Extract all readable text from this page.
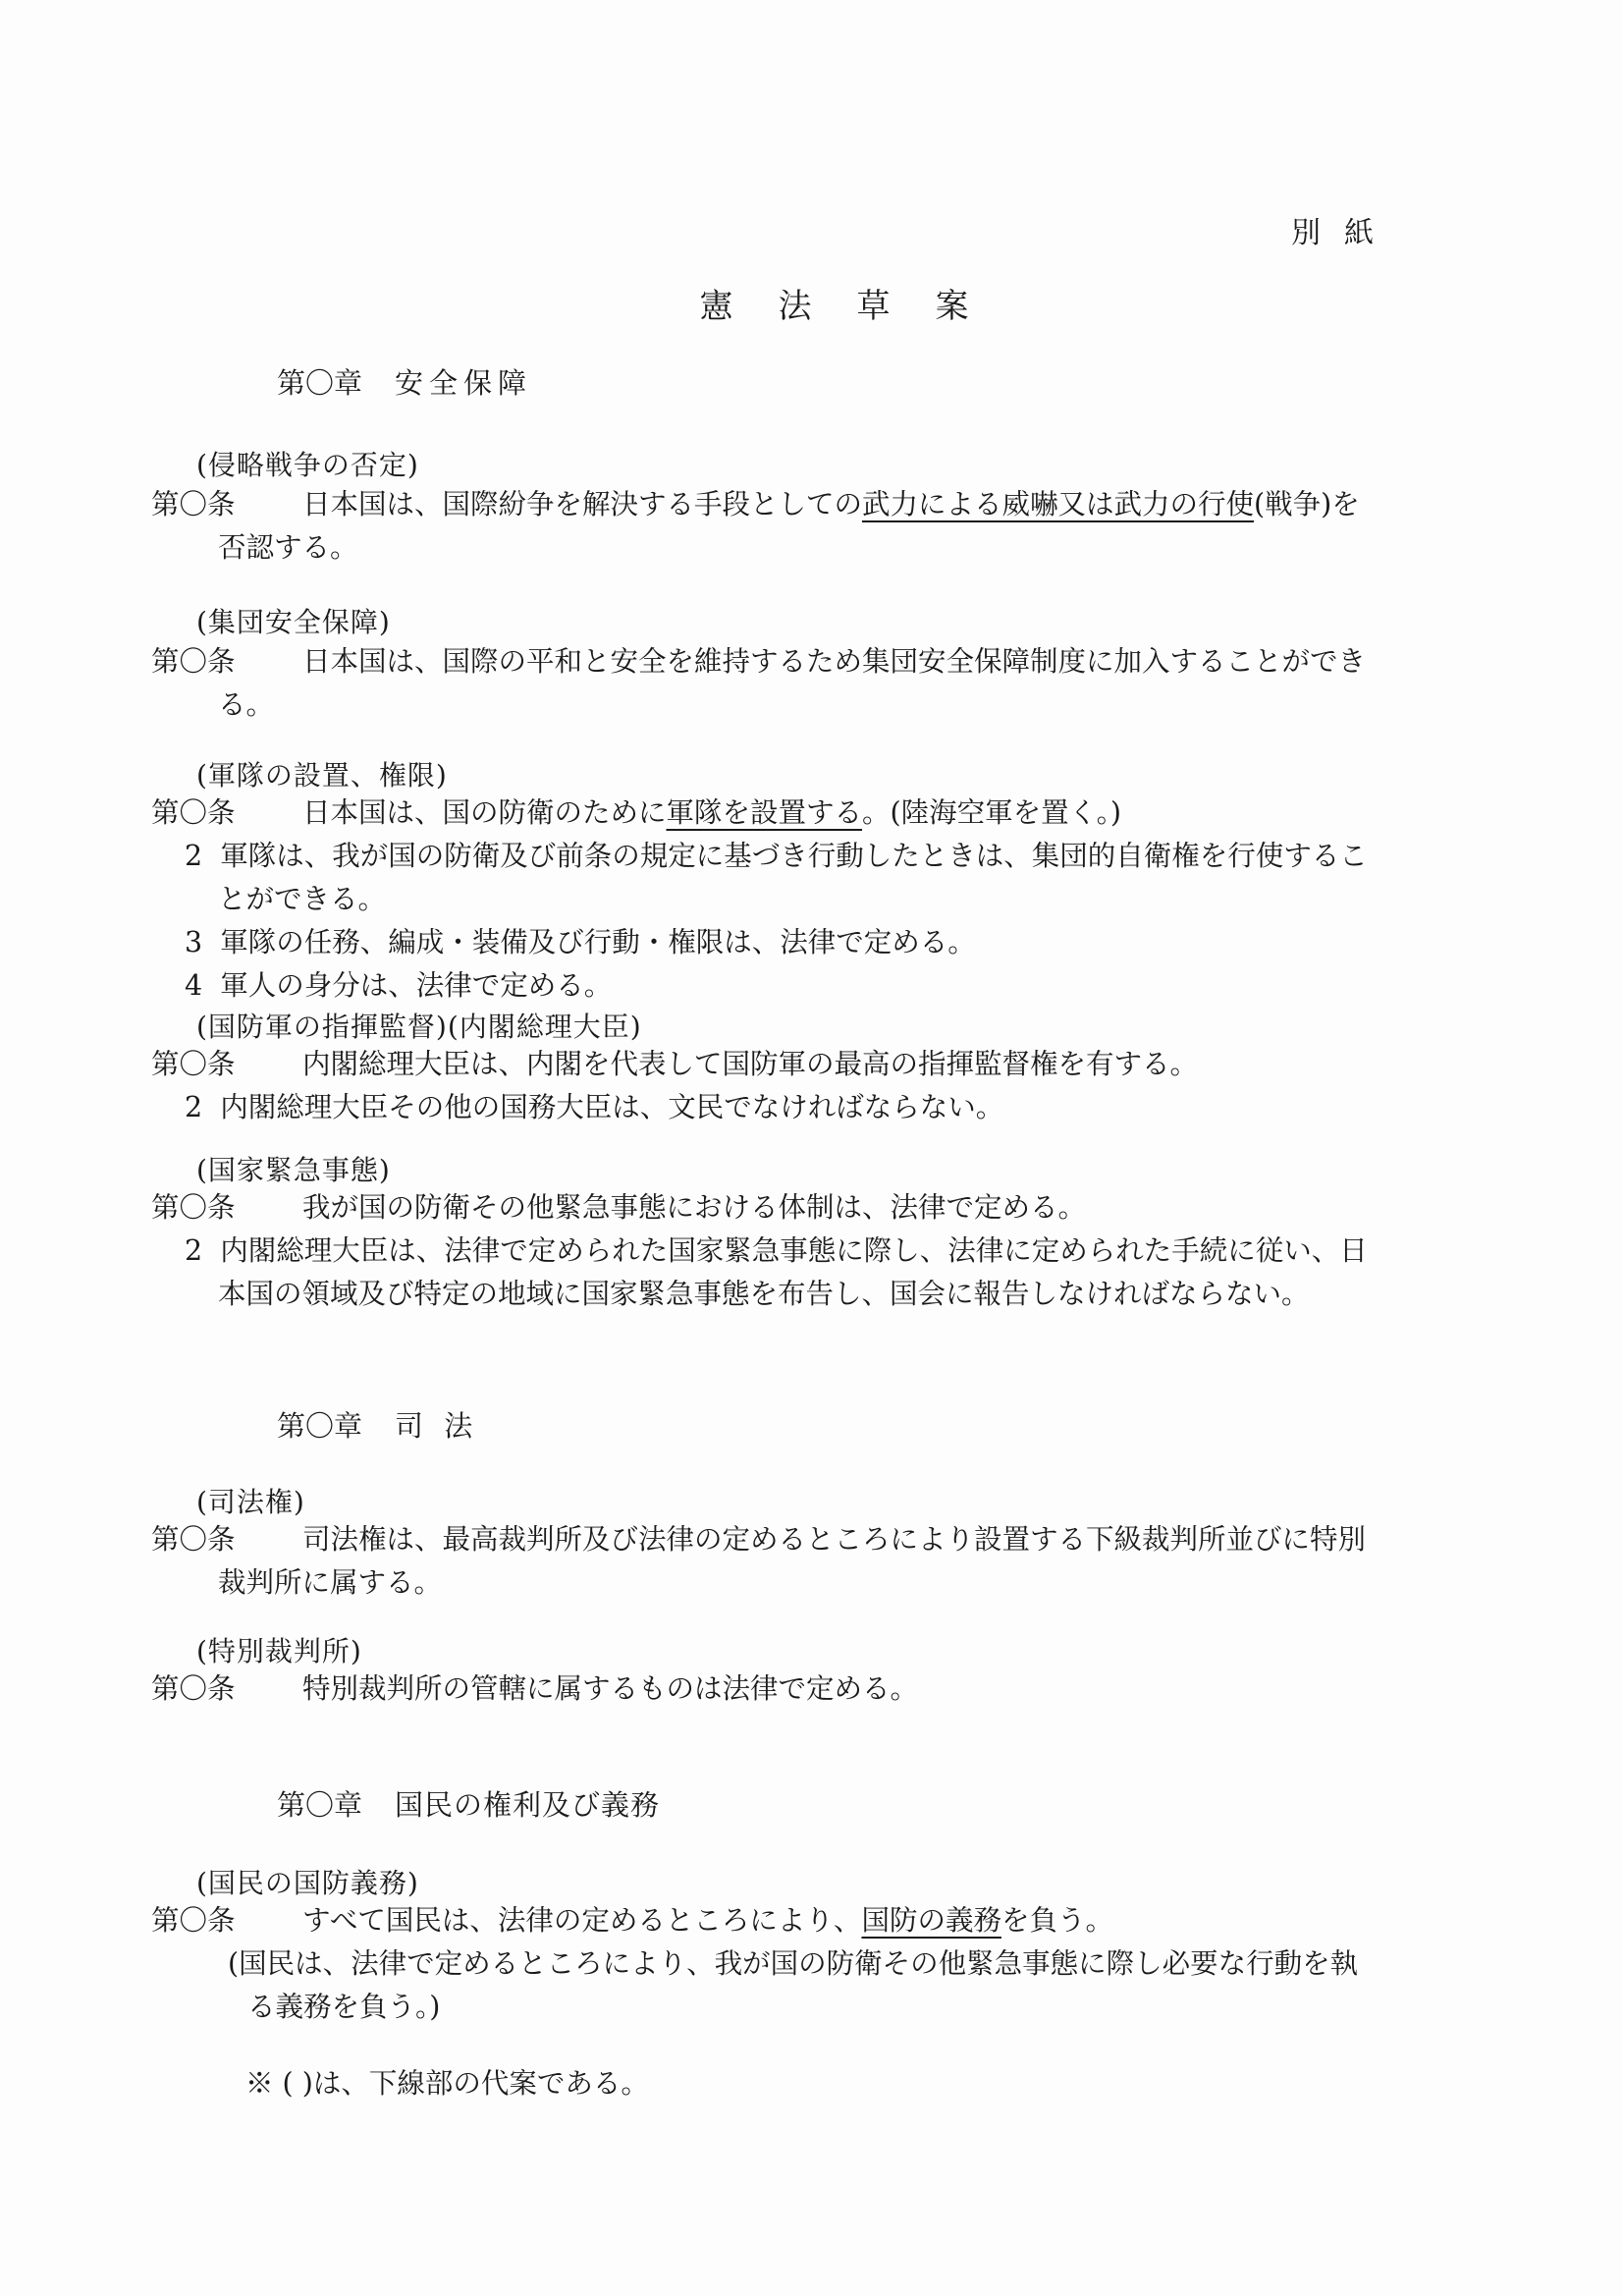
別紙
憲法草案
第〇章 安全保障
(侵略戦争の否定)
第〇条 日本国は、国際紛争を解決する手段としての武力による威嚇又は武力の行使(戦争)を否認する。
(集団安全保障)
第〇条 日本国は、国際の平和と安全を維持するため集団安全保障制度に加入することができる。
(軍隊の設置、権限)
第〇条 日本国は、国の防衛のために軍隊を設置する。(陸海空軍を置く。)
2 軍隊は、我が国の防衛及び前条の規定に基づき行動したときは、集団的自衛権を行使することができる。
3 軍隊の任務、編成・装備及び行動・権限は、法律で定める。
4 軍人の身分は、法律で定める。
(国防軍の指揮監督)(内閣総理大臣)
第〇条 内閣総理大臣は、内閣を代表して国防軍の最高の指揮監督権を有する。
2 内閣総理大臣その他の国務大臣は、文民でなければならない。
(国家緊急事態)
第〇条 我が国の防衛その他緊急事態における体制は、法律で定める。
2 内閣総理大臣は、法律で定められた国家緊急事態に際し、法律に定められた手続に従い、日本国の領域及び特定の地域に国家緊急事態を布告し、国会に報告しなければならない。
第〇章 司 法
(司法権)
第〇条 司法権は、最高裁判所及び法律の定めるところにより設置する下級裁判所並びに特別裁判所に属する。
(特別裁判所)
第〇条 特別裁判所の管轄に属するものは法律で定める。
第〇章 国民の権利及び義務
(国民の国防義務)
第〇条 すべて国民は、法律の定めるところにより、国防の義務を負う。
(国民は、法律で定めるところにより、我が国の防衛その他緊急事態に際し必要な行動を執る義務を負う。)
※ ( )は、下線部の代案である。
